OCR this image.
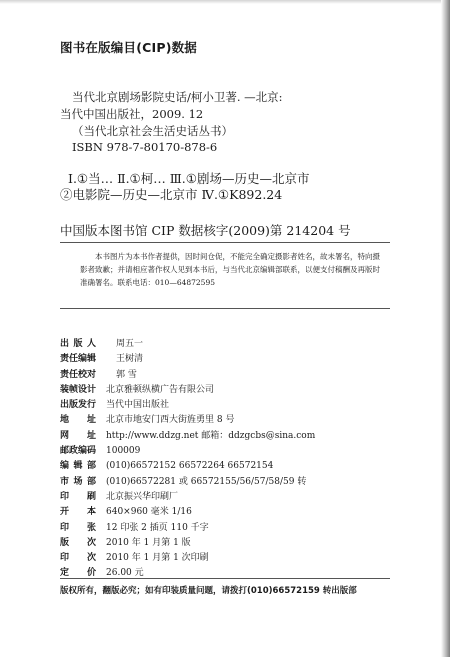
图书在版编目(CIP)数据
当代北京剧场影院史话/柯小卫著. —北京:
当代中国出版社，2009. 12
（当代北京社会生活史话丛书）
ISBN 978-7-80170-878-6
Ⅰ.①当… Ⅱ.①柯… Ⅲ.①剧场—历史—北京市
②电影院—历史—北京市 Ⅳ.①K892.24
中国版本图书馆 CIP 数据核字(2009)第 214204 号

本书图片为本书作者提供，因时间仓促，不能完全确定摄影者姓名，故未署名，特向摄影者致歉；并请相应著作权人见到本书后，与当代北京编辑部联系，以便支付稿酬及再版时准确署名。联系电话：010—64872595

出 版 人	周五一
责任编辑	王树清
责任校对	郭 雪
装帧设计	北京雅顿纵横广告有限公司
出版发行	当代中国出版社
地 址 北京市地安门西大街旌勇里 8 号
网 址 http://www.ddzg.net 邮箱：ddzgcbs@sina.com
邮政编码	100009
编 辑 部 (010)66572152 66572264 66572154
市 场 部 (010)66572281 或 66572155/56/57/58/59 转
印 刷 北京振兴华印刷厂
开 本 640×960 毫米 1/16
印 张 12 印张 2 插页 110 千字
版 次 2010 年 1 月第 1 版
印 次 2010 年 1 月第 1 次印刷
定 价 26.00 元
版权所有，翻版必究；如有印装质量问题，请拨打(010)66572159 转出版部
